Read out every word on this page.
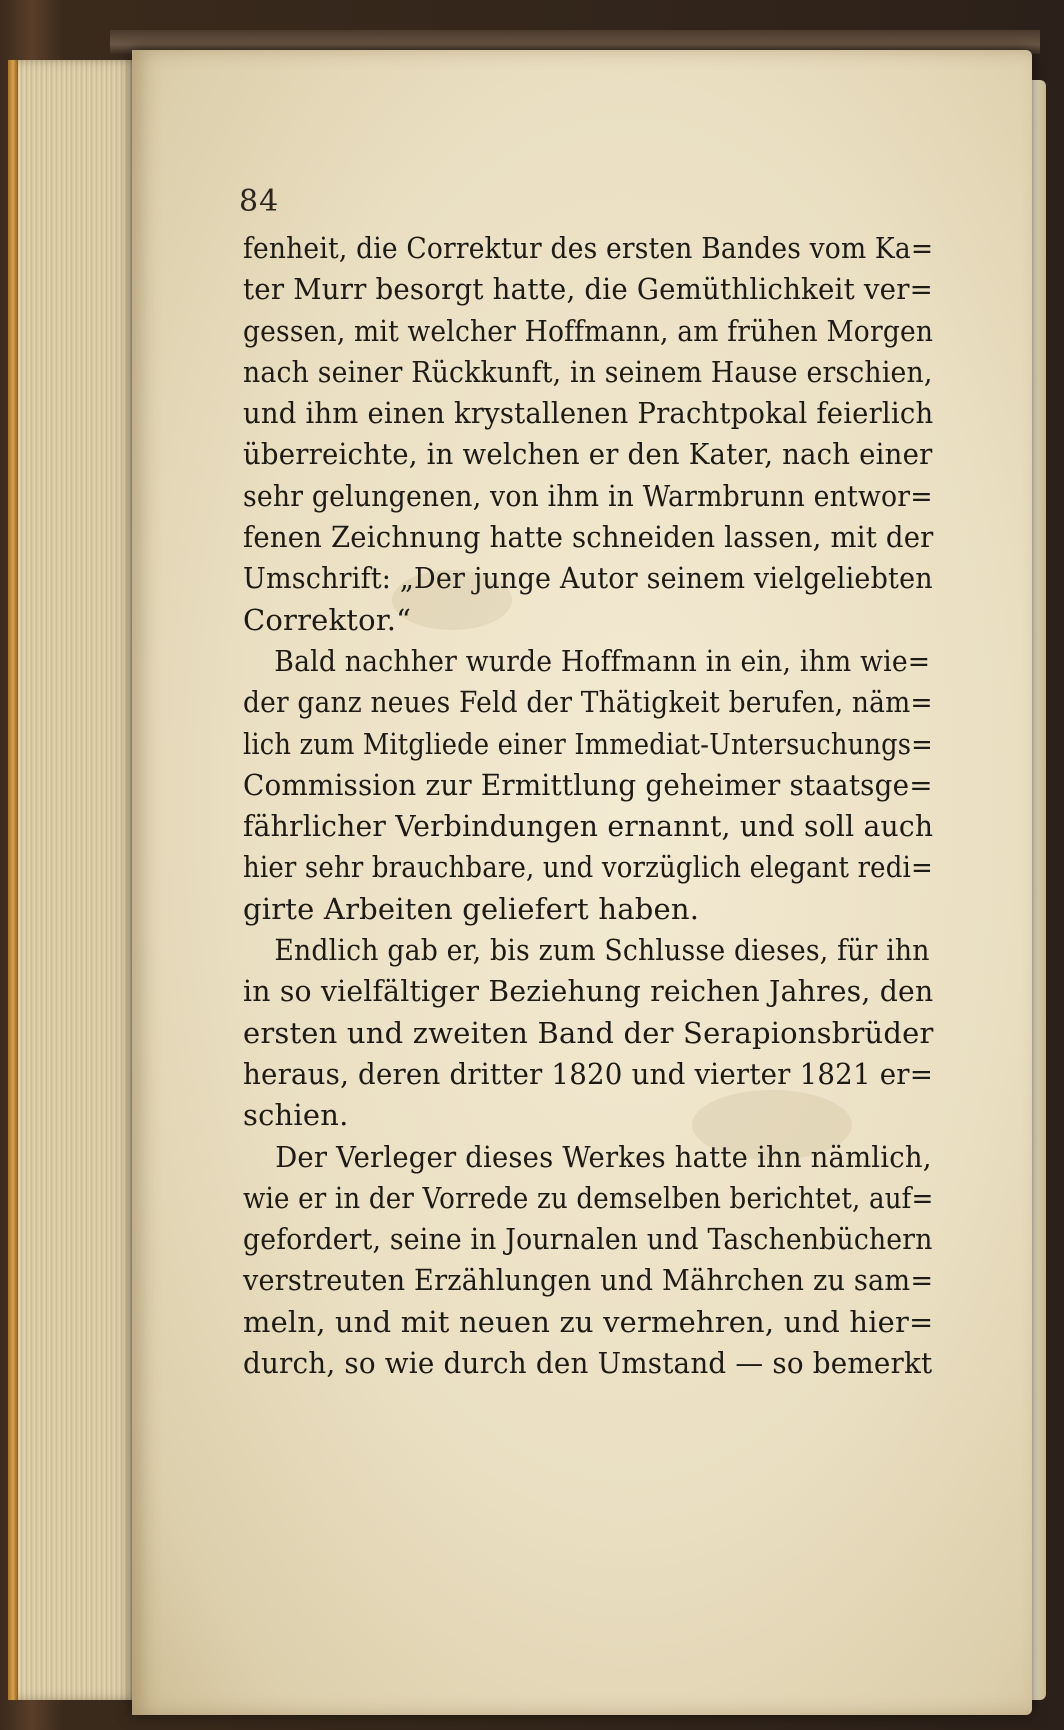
84
fenheit, die Correktur des ersten Bandes vom Ka=
ter Murr besorgt hatte, die Gemüthlichkeit ver=
gessen, mit welcher Hoffmann, am frühen Morgen
nach seiner Rückkunft, in seinem Hause erschien,
und ihm einen krystallenen Prachtpokal feierlich
überreichte, in welchen er den Kater, nach einer
sehr gelungenen, von ihm in Warmbrunn entwor=
fenen Zeichnung hatte schneiden lassen, mit der
Umschrift: „Der junge Autor seinem vielgeliebten
Correktor.“
Bald nachher wurde Hoffmann in ein, ihm wie=
der ganz neues Feld der Thätigkeit berufen, näm=
lich zum Mitgliede einer Immediat-Untersuchungs=
Commission zur Ermittlung geheimer staatsge=
fährlicher Verbindungen ernannt, und soll auch
hier sehr brauchbare, und vorzüglich elegant redi=
girte Arbeiten geliefert haben.
Endlich gab er, bis zum Schlusse dieses, für ihn
in so vielfältiger Beziehung reichen Jahres, den
ersten und zweiten Band der Serapionsbrüder
heraus, deren dritter 1820 und vierter 1821 er=
schien.
Der Verleger dieses Werkes hatte ihn nämlich,
wie er in der Vorrede zu demselben berichtet, auf=
gefordert, seine in Journalen und Taschenbüchern
verstreuten Erzählungen und Mährchen zu sam=
meln, und mit neuen zu vermehren, und hier=
durch, so wie durch den Umstand — so bemerkt
